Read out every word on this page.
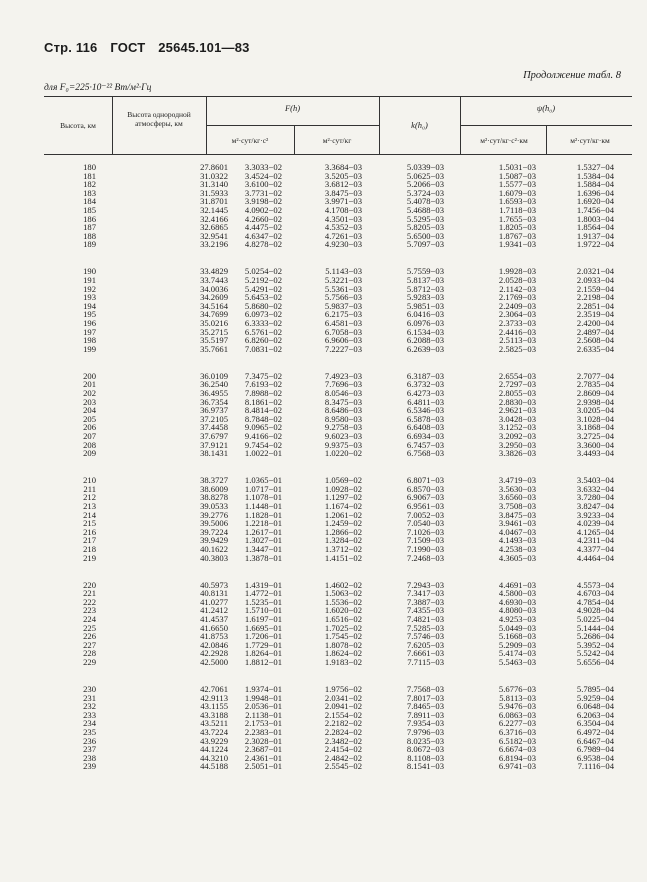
Стр. 116 ГОСТ 25645.101—83
Продолжение табл. 8
для F₀=225·10⁻²² Вт/м²·Гц
Высота, км
Высота однородной атмосферы, км
F(h)
м²·сут/кг·с²	м²·сут/кг
k(h₀)
ψ(h₀)
м²·сут/кг·с²·км	м²·сут/кг·км
180	27.8601	3.3033−02	3.3684−03	5.0339−03	1.5031−03	1.5327−04
181	31.0322	3.4524−02	3.5205−03	5.0625−03	1.5087−03	1.5384−04
182	31.3140	3.6100−02	3.6812−03	5.2066−03	1.5577−03	1.5884−04
183	31.5933	3.7731−02	3.8475−03	5.3724−03	1.6079−03	1.6396−04
184	31.8701	3.9198−02	3.9971−03	5.4078−03	1.6593−03	1.6920−04
185	32.1445	4.0902−02	4.1708−03	5.4688−03	1.7118−03	1.7456−04
186	32.4166	4.2660−02	4.3501−03	5.5295−03	1.7655−03	1.8003−04
187	32.6865	4.4475−02	4.5352−03	5.8205−03	1.8205−03	1.8564−04
188	32.9541	4.6347−02	4.7261−03	5.6500−03	1.8767−03	1.9137−04
189	33.2196	4.8278−02	4.9230−03	5.7097−03	1.9341−03	1.9722−04
190	33.4829	5.0254−02	5.1143−03	5.7559−03	1.9928−03	2.0321−04
191	33.7443	5.2192−02	5.3221−03	5.8137−03	2.0528−03	2.0933−04
192	34.0036	5.4291−02	5.5361−03	5.8712−03	2.1142−03	2.1559−04
193	34.2609	5.6453−02	5.7566−03	5.9283−03	2.1769−03	2.2198−04
194	34.5164	5.8680−02	5.9837−03	5.9851−03	2.2409−03	2.2851−04
195	34.7699	6.0973−02	6.2175−03	6.0416−03	2.3064−03	2.3519−04
196	35.0216	6.3333−02	6.4581−03	6.0976−03	2.3733−03	2.4200−04
197	35.2715	6.5761−02	6.7058−03	6.1534−03	2.4416−03	2.4897−04
198	35.5197	6.8260−02	6.9606−03	6.2088−03	2.5113−03	2.5608−04
199	35.7661	7.0831−02	7.2227−03	6.2639−03	2.5825−03	2.6335−04
200	36.0109	7.3475−02	7.4923−03	6.3187−03	2.6554−03	2.7077−04
201	36.2540	7.6193−02	7.7696−03	6.3732−03	2.7297−03	2.7835−04
202	36.4955	7.8988−02	8.0546−03	6.4273−03	2.8055−03	2.8609−04
203	36.7354	8.1861−02	8.3475−03	6.4811−03	2.8830−03	2.9398−04
204	36.9737	8.4814−02	8.6486−03	6.5346−03	2.9621−03	3.0205−04
205	37.2105	8.7848−02	8.9580−03	6.5878−03	3.0428−03	3.1028−04
206	37.4458	9.0965−02	9.2758−03	6.6408−03	3.1252−03	3.1868−04
207	37.6797	9.4166−02	9.6023−03	6.6934−03	3.2092−03	3.2725−04
208	37.9121	9.7454−02	9.9375−03	6.7457−03	3.2950−03	3.3600−04
209	38.1431	1.0022−01	1.0220−02	6.7568−03	3.3826−03	3.4493−04
210	38.3727	1.0365−01	1.0569−02	6.8071−03	3.4719−03	3.5403−04
211	38.6009	1.0717−01	1.0928−02	6.8570−03	3.5630−03	3.6332−04
212	38.8278	1.1078−01	1.1297−02	6.9067−03	3.6560−03	3.7280−04
213	39.0533	1.1448−01	1.1674−02	6.9561−03	3.7508−03	3.8247−04
214	39.2776	1.1828−01	1.2061−02	7.0052−03	3.8475−03	3.9233−04
215	39.5006	1.2218−01	1.2459−02	7.0540−03	3.9461−03	4.0239−04
216	39.7224	1.2617−01	1.2866−02	7.1026−03	4.0467−03	4.1265−04
217	39.9429	1.3027−01	1.3284−02	7.1509−03	4.1493−03	4.2311−04
218	40.1622	1.3447−01	1.3712−02	7.1990−03	4.2538−03	4.3377−04
219	40.3803	1.3878−01	1.4151−02	7.2468−03	4.3605−03	4.4464−04
220	40.5973	1.4319−01	1.4602−02	7.2943−03	4.4691−03	4.5573−04
221	40.8131	1.4772−01	1.5063−02	7.3417−03	4.5800−03	4.6703−04
222	41.0277	1.5235−01	1.5536−02	7.3887−03	4.6930−03	4.7854−04
223	41.2412	1.5710−01	1.6020−02	7.4355−03	4.8080−03	4.9028−04
224	41.4537	1.6197−01	1.6516−02	7.4821−03	4.9253−03	5.0225−04
225	41.6650	1.6695−01	1.7025−02	7.5285−03	5.0449−03	5.1444−04
226	41.8753	1.7206−01	1.7545−02	7.5746−03	5.1668−03	5.2686−04
227	42.0846	1.7729−01	1.8078−02	7.6205−03	5.2909−03	5.3952−04
228	42.2928	1.8264−01	1.8624−02	7.6661−03	5.4174−03	5.5242−04
229	42.5000	1.8812−01	1.9183−02	7.7115−03	5.5463−03	5.6556−04
230	42.7061	1.9374−01	1.9756−02	7.7568−03	5.6776−03	5.7895−04
231	42.9113	1.9948−01	2.0341−02	7.8017−03	5.8113−03	5.9259−04
232	43.1155	2.0536−01	2.0941−02	7.8465−03	5.9476−03	6.0648−04
233	43.3188	2.1138−01	2.1554−02	7.8911−03	6.0863−03	6.2063−04
234	43.5211	2.1753−01	2.2182−02	7.9354−03	6.2277−03	6.3504−04
235	43.7224	2.2383−01	2.2824−02	7.9796−03	6.3716−03	6.4972−04
236	43.9229	2.3028−01	2.3482−02	8.0235−03	6.5182−03	6.6467−04
237	44.1224	2.3687−01	2.4154−02	8.0672−03	6.6674−03	6.7989−04
238	44.3210	2.4361−01	2.4842−02	8.1108−03	6.8194−03	6.9538−04
239	44.5188	2.5051−01	2.5545−02	8.1541−03	6.9741−03	7.1116−04
